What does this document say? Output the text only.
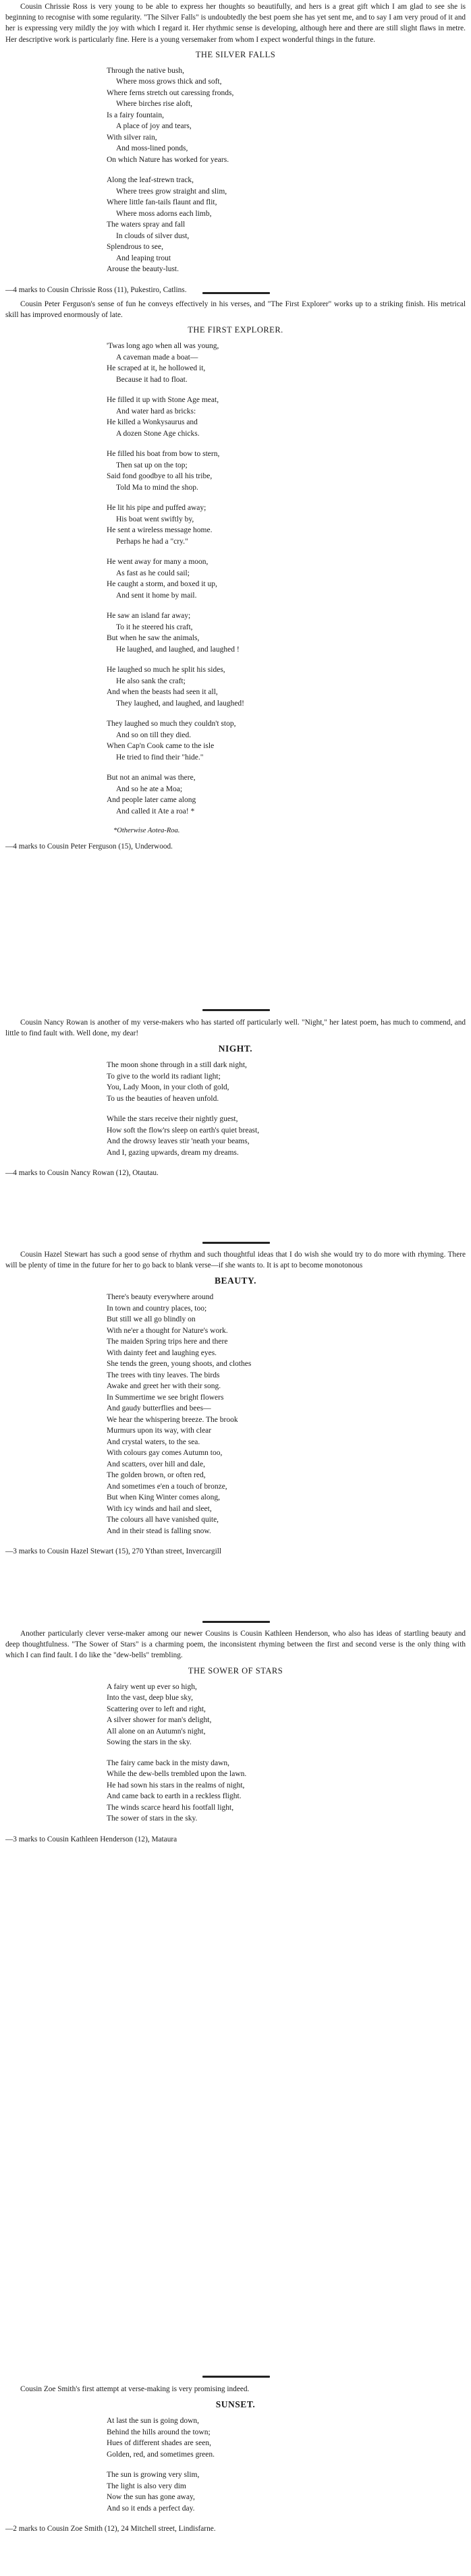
Cousin Chrissie Ross is very young to be able to express her thoughts so beautifully, and hers is a great gift which I am glad to see she is beginning to recognise with some regularity. "The Silver Falls" is undoubtedly the best poem she has yet sent me, and to say I am very proud of it and her is expressing very mildly the joy with which I regard it. Her rhythmic sense is developing, although here and there are still slight flaws in metre. Her descriptive work is particularly fine. Here is a young versemaker from whom I expect wonderful things in the future.

THE SILVER FALLS
Through the native bush,
Where moss grows thick and soft,
Where ferns stretch out caressing fronds,
Where birches rise aloft,
Is a fairy fountain,
A place of joy and tears,
With silver rain,
And moss-lined ponds,
On which Nature has worked for years.
Along the leaf-strewn track,
Where trees grow straight and slim,
Where little fan-tails flaunt and flit,
Where moss adorns each limb,
The waters spray and fall
In clouds of silver dust,
Splendrous to see,
And leaping trout
Arouse the beauty-lust.
—4 marks to Cousin Chrissie Ross (11), Pukestiro, Catlins.

Cousin Peter Ferguson's sense of fun he conveys effectively in his verses, and "The First Explorer" works up to a striking finish. His metrical skill has improved enormously of late.

THE FIRST EXPLORER.
'Twas long ago when all was young,
A caveman made a boat—
He scraped at it, he hollowed it,
Because it had to float.
He filled it up with Stone Age meat,
And water hard as bricks:
He killed a Wonkysaurus and
A dozen Stone Age chicks.
He filled his boat from bow to stern,
Then sat up on the top;
Said fond goodbye to all his tribe,
Told Ma to mind the shop.
He lit his pipe and puffed away;
His boat went swiftly by,
He sent a wireless message home.
Perhaps he had a "cry."
He went away for many a moon,
As fast as he could sail;
He caught a storm, and boxed it up,
And sent it home by mail.
He saw an island far away;
To it he steered his craft,
But when he saw the animals,
He laughed, and laughed, and laughed !
He laughed so much he split his sides,
He also sank the craft;
And when the beasts had seen it all,
They laughed, and laughed, and laughed!
They laughed so much they couldn't stop,
And so on till they died.
When Cap'n Cook came to the isle
He tried to find their "hide."
But not an animal was there,
And so he ate a Moa;
And people later came along
And called it Ate a roa! *
*Otherwise Aotea-Roa.
—4 marks to Cousin Peter Ferguson (15), Underwood.

Cousin Nancy Rowan is another of my verse-makers who has started off particularly well. "Night," her latest poem, has much to commend, and little to find fault with. Well done, my dear!

NIGHT.
The moon shone through in a still dark night,
To give to the world its radiant light;
You, Lady Moon, in your cloth of gold,
To us the beauties of heaven unfold.
While the stars receive their nightly guest,
How soft the flow'rs sleep on earth's quiet breast,
And the drowsy leaves stir 'neath your beams,
And I, gazing upwards, dream my dreams.
—4 marks to Cousin Nancy Rowan (12), Otautau.

Cousin Hazel Stewart has such a good sense of rhythm and such thoughtful ideas that I do wish she would try to do more with rhyming. There will be plenty of time in the future for her to go back to blank verse—if she wants to. It is apt to become monotonous

BEAUTY.
There's beauty everywhere around
In town and country places, too;
But still we all go blindly on
With ne'er a thought for Nature's work.
The maiden Spring trips here and there
With dainty feet and laughing eyes.
She tends the green, young shoots, and clothes
The trees with tiny leaves. The birds
Awake and greet her with their song.
In Summertime we see bright flowers
And gaudy butterflies and bees—
We hear the whispering breeze. The brook
Murmurs upon its way, with clear
And crystal waters, to the sea.
With colours gay comes Autumn too,
And scatters, over hill and dale,
The golden brown, or often red,
And sometimes e'en a touch of bronze,
But when King Winter comes along,
With icy winds and hail and sleet,
The colours all have vanished quite,
And in their stead is falling snow.
—3 marks to Cousin Hazel Stewart (15), 270 Ythan street, Invercargill

Another particularly clever verse-maker among our newer Cousins is Cousin Kathleen Henderson, who also has ideas of startling beauty and deep thoughtfulness. "The Sower of Stars" is a charming poem, the inconsistent rhyming between the first and second verse is the only thing with which I can find fault. I do like the "dew-bells" trembling.

THE SOWER OF STARS
A fairy went up ever so high,
Into the vast, deep blue sky,
Scattering over to left and right,
A silver shower for man's delight,
All alone on an Autumn's night,
Sowing the stars in the sky.
The fairy came back in the misty dawn,
While the dew-bells trembled upon the lawn.
He had sown his stars in the realms of night,
And came back to earth in a reckless flight.
The winds scarce heard his footfall light,
The sower of stars in the sky.
—3 marks to Cousin Kathleen Henderson (12), Mataura

Cousin Zoe Smith's first attempt at verse-making is very promising indeed.

SUNSET.
At last the sun is going down,
Behind the hills around the town;
Hues of different shades are seen,
Golden, red, and sometimes green.
The sun is growing very slim,
The light is also very dim
Now the sun has gone away,
And so it ends a perfect day.
—2 marks to Cousin Zoe Smith (12), 24 Mitchell street, Lindisfarne.
